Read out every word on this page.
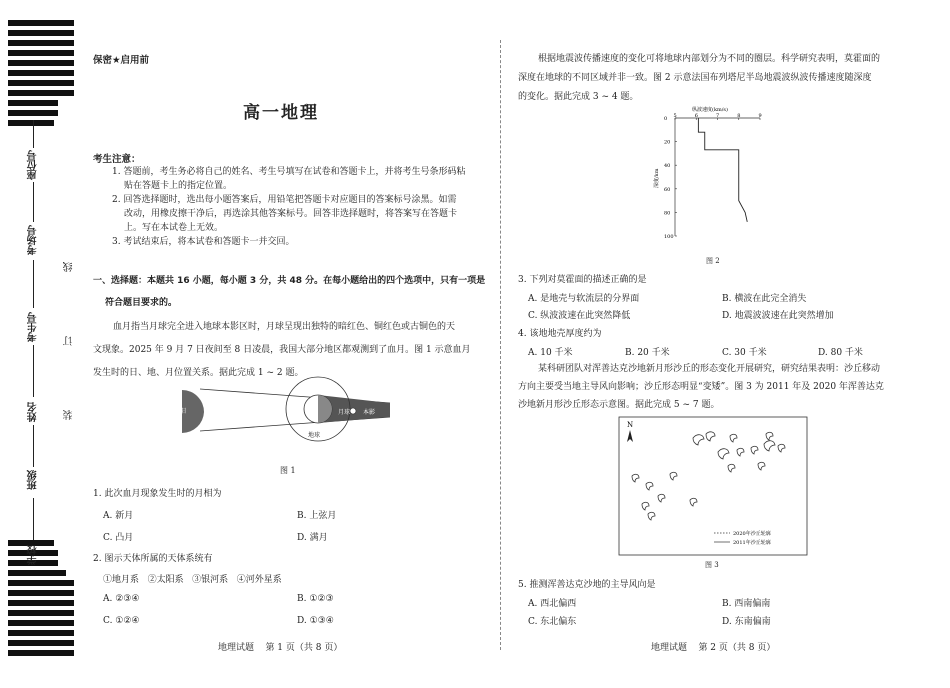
座位号
考场号
考生号
姓名
班级
学校
线
订
装
保密★启用前
高一地理
考生注意：

1. 答题前，考生务必将自己的姓名、考生号填写在试卷和答题卡上，并将考生号条形码粘

贴在答题卡上的指定位置。

2. 回答选择题时，选出每小题答案后，用铅笔把答题卡对应题目的答案标号涂黑。如需

改动，用橡皮擦干净后，再选涂其他答案标号。回答非选择题时，将答案写在答题卡

上。写在本试卷上无效。

3. 考试结束后，将本试卷和答题卡一并交回。

一、选择题：本题共 16 小题，每小题 3 分，共 48 分。在每小题给出的四个选项中，只有一项是

符合题目要求的。

血月指当月球完全进入地球本影区时，月球呈现出独特的暗红色、铜红色或古铜色的天

文现象。2025 年 9 月 7 日夜间至 8 日凌晨，我国大部分地区都观测到了血月。图 1 示意血月

发生时的日、地、月位置关系。据此完成 1 ~ 2 题。

太阳
地球
月球 本影
图 1
1. 此次血月现象发生时的月相为
A. 新月	B. 上弦月
C. 凸月	D. 满月
2. 图示天体所属的天体系统有
①地月系   ②太阳系   ③银河系   ④河外星系
A. ②③④	B. ①②③
C. ①②④	D. ①③④
地理试题    第 1 页（共 8 页）

根据地震波传播速度的变化可将地球内部划分为不同的圈层。科学研究表明，莫霍面的

深度在地球的不同区域并非一致。图 2 示意法国布列塔尼半岛地震波纵波传播速度随深度

的变化。据此完成 3 ~ 4 题。

纵波速度(km/s)
深度/km
5	6	7	8	9
0
20
40
60
80
100
图 2
3. 下列对莫霍面的描述正确的是
A. 是地壳与软流层的分界面	B. 横波在此完全消失
C. 纵波波速在此突然降低	D. 地震波波速在此突然增加
4. 该地地壳厚度约为
A. 10 千米	B. 20 千米	C. 30 千米	D. 80 千米

某科研团队对浑善达克沙地新月形沙丘的形态变化开展研究，研究结果表明：沙丘移动

方向主要受当地主导风向影响；沙丘形态明显“变矮”。图 3 为 2011 年及 2020 年浑善达克

沙地新月形沙丘形态示意图。据此完成 5 ~ 7 题。

N
2020年沙丘轮廓
2011年沙丘轮廓
图 3
5. 推测浑善达克沙地的主导风向是
A. 西北偏西	B. 西南偏南
C. 东北偏东	D. 东南偏南
地理试题    第 2 页（共 8 页）
